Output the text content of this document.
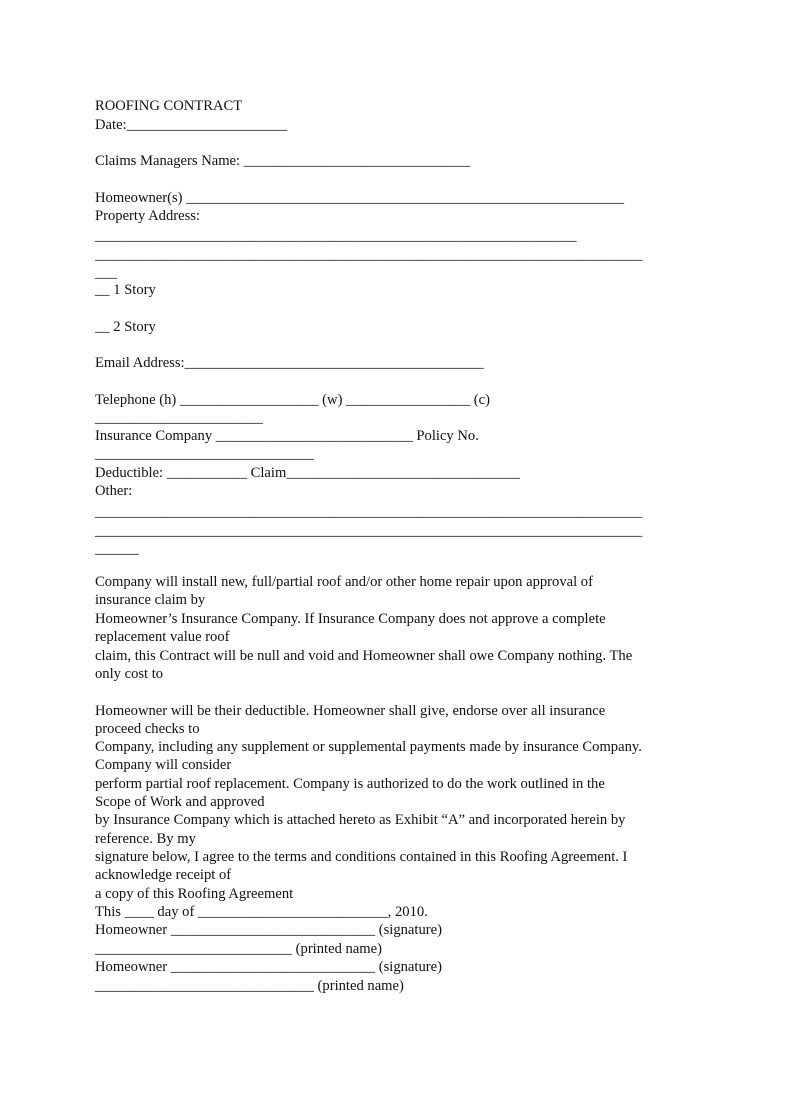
ROOFING CONTRACT

Date:______________________

Claims Managers Name: _______________________________

Homeowner(s) ____________________________________________________________

Property Address:

__________________________________________________________________

___________________________________________________________________________

___

__ 1 Story

__ 2 Story

Email Address:_________________________________________

Telephone (h) ___________________ (w) _________________ (c)

_______________________

Insurance Company ___________________________ Policy No.

______________________________

Deductible: ___________ Claim________________________________

Other:

___________________________________________________________________________

___________________________________________________________________________

______

Company will install new, full/partial roof and/or other home repair upon approval of

insurance claim by

Homeowner’s Insurance Company. If Insurance Company does not approve a complete

replacement value roof

claim, this Contract will be null and void and Homeowner shall owe Company nothing. The

only cost to

Homeowner will be their deductible. Homeowner shall give, endorse over all insurance

proceed checks to

Company, including any supplement or supplemental payments made by insurance Company.

Company will consider

perform partial roof replacement. Company is authorized to do the work outlined in the

Scope of Work and approved

by Insurance Company which is attached hereto as Exhibit “A” and incorporated herein by

reference. By my

signature below, I agree to the terms and conditions contained in this Roofing Agreement. I

acknowledge receipt of

a copy of this Roofing Agreement

This ____ day of __________________________, 2010.

Homeowner ____________________________ (signature)

___________________________ (printed name)

Homeowner ____________________________ (signature)

______________________________ (printed name)
